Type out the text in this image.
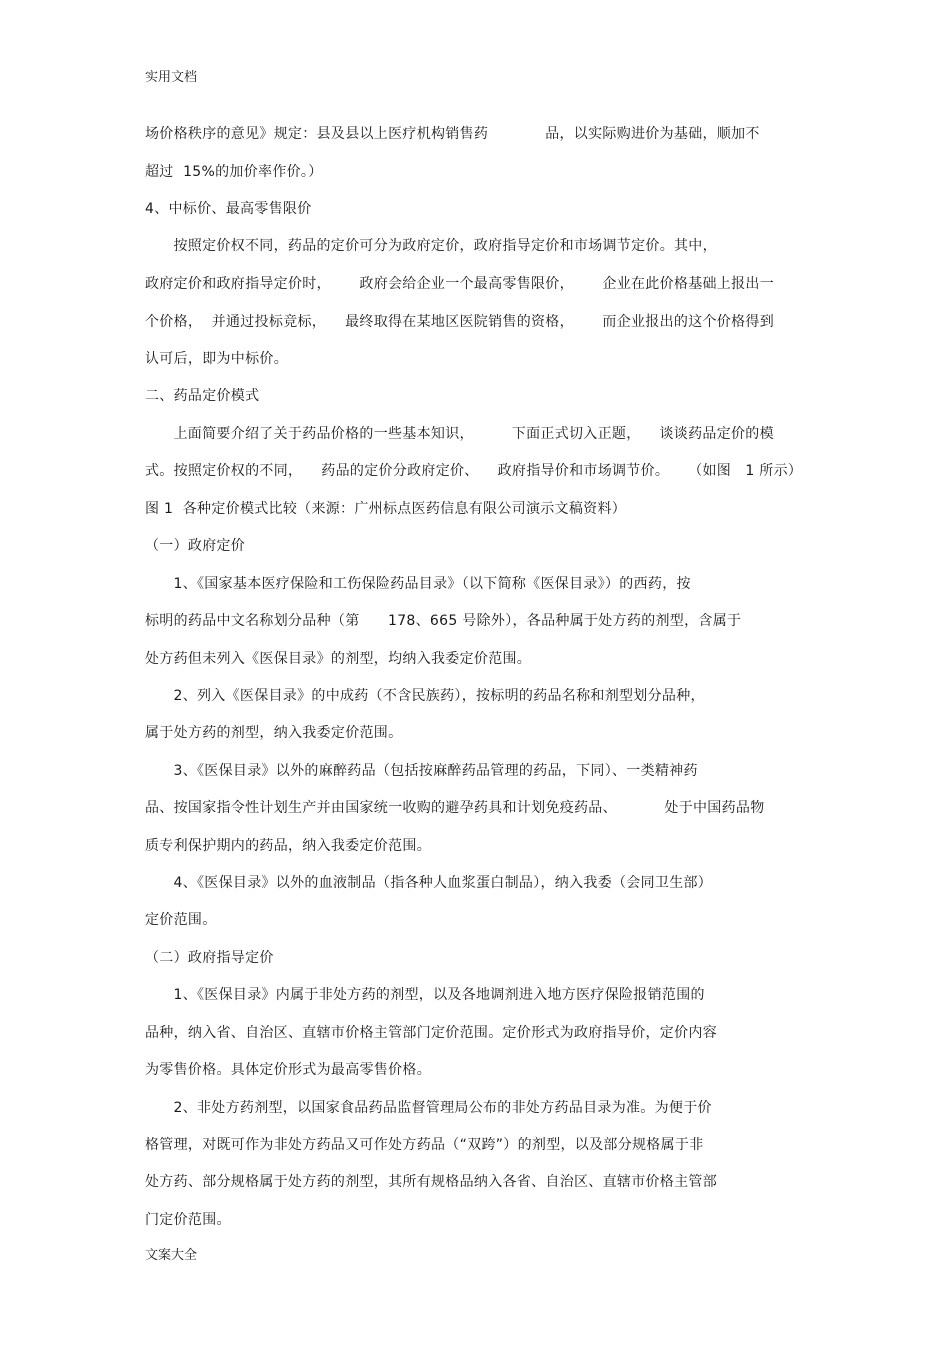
实用文档
场价格秩序的意见》规定：县及县以上医疗机构销售药            品，以实际购进价为基础，顺加不
超过  15%的加价率作价。）
4、中标价、最高零售限价
按照定价权不同，药品的定价可分为政府定价，政府指导定价和市场调节定价。其中，
政府定价和政府指导定价时，      政府会给企业一个最高零售限价，      企业在此价格基础上报出一
个价格，  并通过投标竞标，    最终取得在某地区医院销售的资格，      而企业报出的这个价格得到
认可后，即为中标价。
二、药品定价模式
上面简要介绍了关于药品价格的一些基本知识，        下面正式切入正题，    谈谈药品定价的模
式。按照定价权的不同，    药品的定价分政府定价、    政府指导价和市场调节价。    （如图   1 所示）
图 1  各种定价模式比较（来源：广州标点医药信息有限公司演示文稿资料）
（一）政府定价
1、《国家基本医疗保险和工伤保险药品目录》（以下简称《医保目录》）的西药，按
标明的药品中文名称划分品种（第      178、665 号除外），各品种属于处方药的剂型，含属于
处方药但未列入《医保目录》的剂型，均纳入我委定价范围。
2、列入《医保目录》的中成药（不含民族药），按标明的药品名称和剂型划分品种，
属于处方药的剂型，纳入我委定价范围。
3、《医保目录》以外的麻醉药品（包括按麻醉药品管理的药品，下同）、一类精神药
品、按国家指令性计划生产并由国家统一收购的避孕药具和计划免疫药品、          处于中国药品物
质专利保护期内的药品，纳入我委定价范围。
4、《医保目录》以外的血液制品（指各种人血浆蛋白制品），纳入我委（会同卫生部）
定价范围。
（二）政府指导定价
1、《医保目录》内属于非处方药的剂型，以及各地调剂进入地方医疗保险报销范围的
品种，纳入省、自治区、直辖市价格主管部门定价范围。定价形式为政府指导价，定价内容
为零售价格。具体定价形式为最高零售价格。
2、非处方药剂型，以国家食品药品监督管理局公布的非处方药品目录为准。为便于价
格管理，对既可作为非处方药品又可作处方药品（“双跨”）的剂型，以及部分规格属于非
处方药、部分规格属于处方药的剂型，其所有规格品纳入各省、自治区、直辖市价格主管部
门定价范围。
文案大全
